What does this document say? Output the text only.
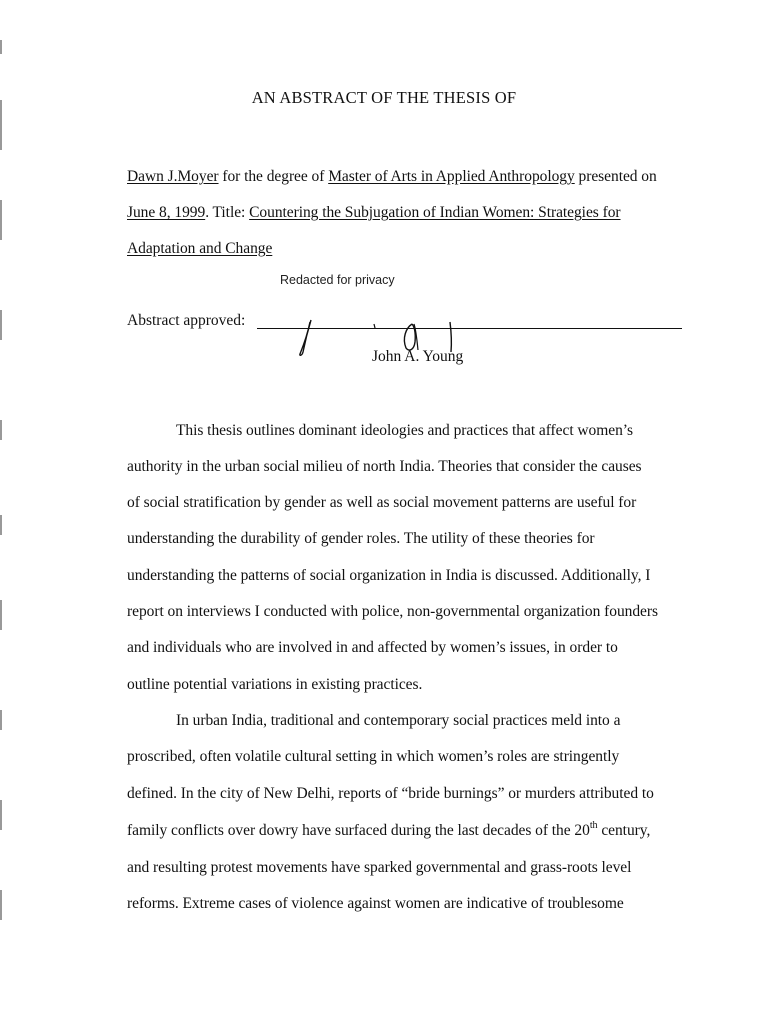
AN ABSTRACT OF THE THESIS OF
Dawn J.Moyer for the degree of Master of Arts in Applied Anthropology presented on
June 8, 1999. Title: Countering the Subjugation of Indian Women: Strategies for
Adaptation and Change
Redacted for privacy
Abstract approved:
John A. Young
This thesis outlines dominant ideologies and practices that affect women’s
authority in the urban social milieu of north India. Theories that consider the causes
of social stratification by gender as well as social movement patterns are useful for
understanding the durability of gender roles. The utility of these theories for
understanding the patterns of social organization in India is discussed. Additionally, I
report on interviews I conducted with police, non-governmental organization founders
and individuals who are involved in and affected by women’s issues, in order to
outline potential variations in existing practices.
In urban India, traditional and contemporary social practices meld into a
proscribed, often volatile cultural setting in which women’s roles are stringently
defined. In the city of New Delhi, reports of “bride burnings” or murders attributed to
family conflicts over dowry have surfaced during the last decades of the 20th century,
and resulting protest movements have sparked governmental and grass-roots level
reforms. Extreme cases of violence against women are indicative of troublesome
